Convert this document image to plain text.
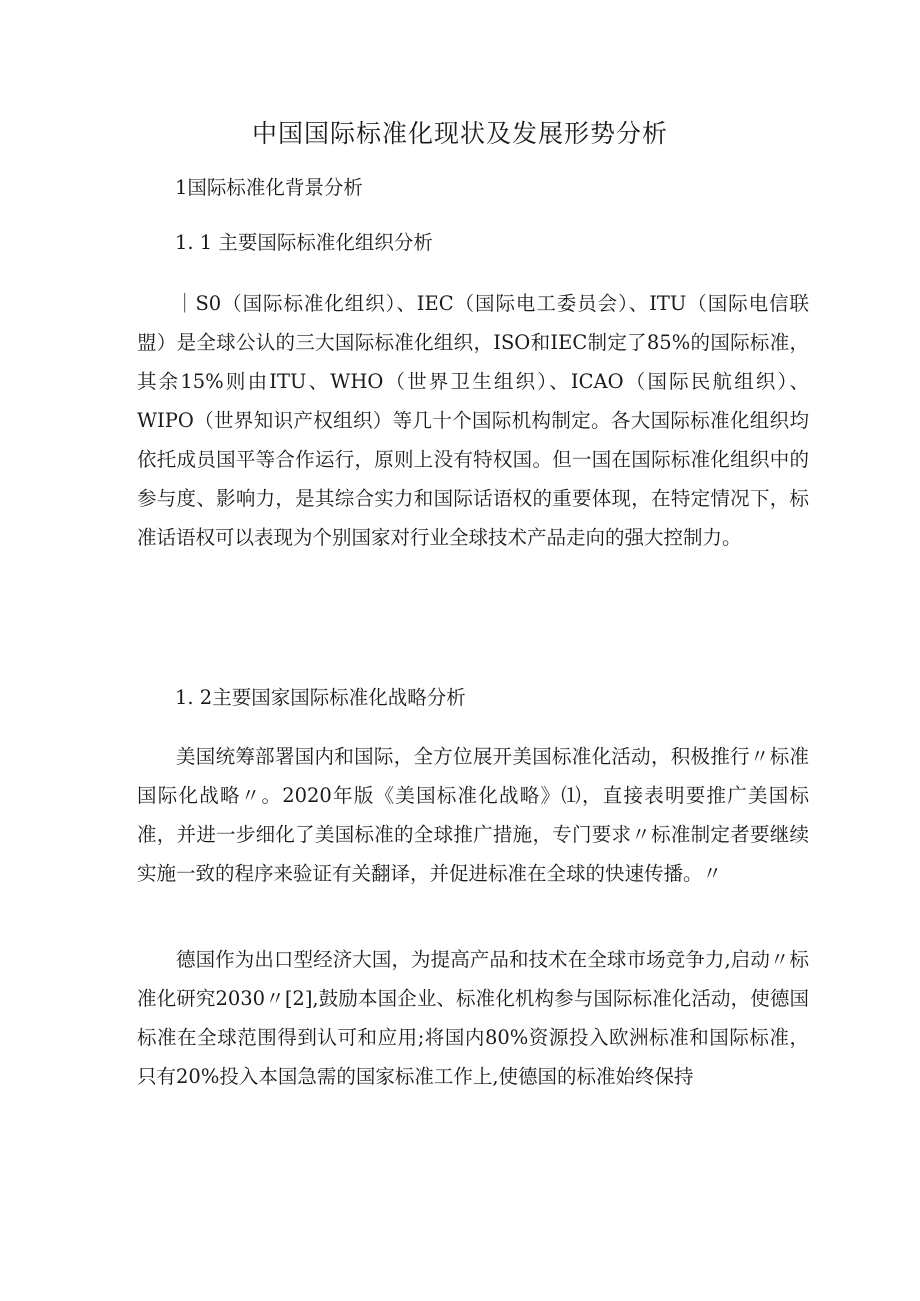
中国国际标准化现状及发展形势分析
1国际标准化背景分析
1. 1 主要国际标准化组织分析
｜S0（国际标准化组织）、IEC（国际电工委员会）、ITU（国际电信联盟）是全球公认的三大国际标准化组织，ISO和IEC制定了85%的国际标准，其余15%则由ITU、WHO（世界卫生组织）、ICAO（国际民航组织）、WIPO（世界知识产权组织）等几十个国际机构制定。各大国际标准化组织均依托成员国平等合作运行，原则上没有特权国。但一国在国际标准化组织中的参与度、影响力，是其综合实力和国际话语权的重要体现，在特定情况下，标准话语权可以表现为个别国家对行业全球技术产品走向的强大控制力。
1. 2主要国家国际标准化战略分析
美国统筹部署国内和国际，全方位展开美国标准化活动，积极推行〃标准国际化战略〃。2020年版《美国标准化战略》⑴，直接表明要推广美国标准，并进一步细化了美国标准的全球推广措施，专门要求〃标准制定者要继续实施一致的程序来验证有关翻译，并促进标准在全球的快速传播。〃
德国作为出口型经济大国，为提高产品和技术在全球市场竞争力,启动〃标准化研究2030〃[2],鼓励本国企业、标准化机构参与国际标准化活动，使德国标准在全球范围得到认可和应用;将国内80%资源投入欧洲标准和国际标准，只有20%投入本国急需的国家标准工作上,使德国的标准始终保持
